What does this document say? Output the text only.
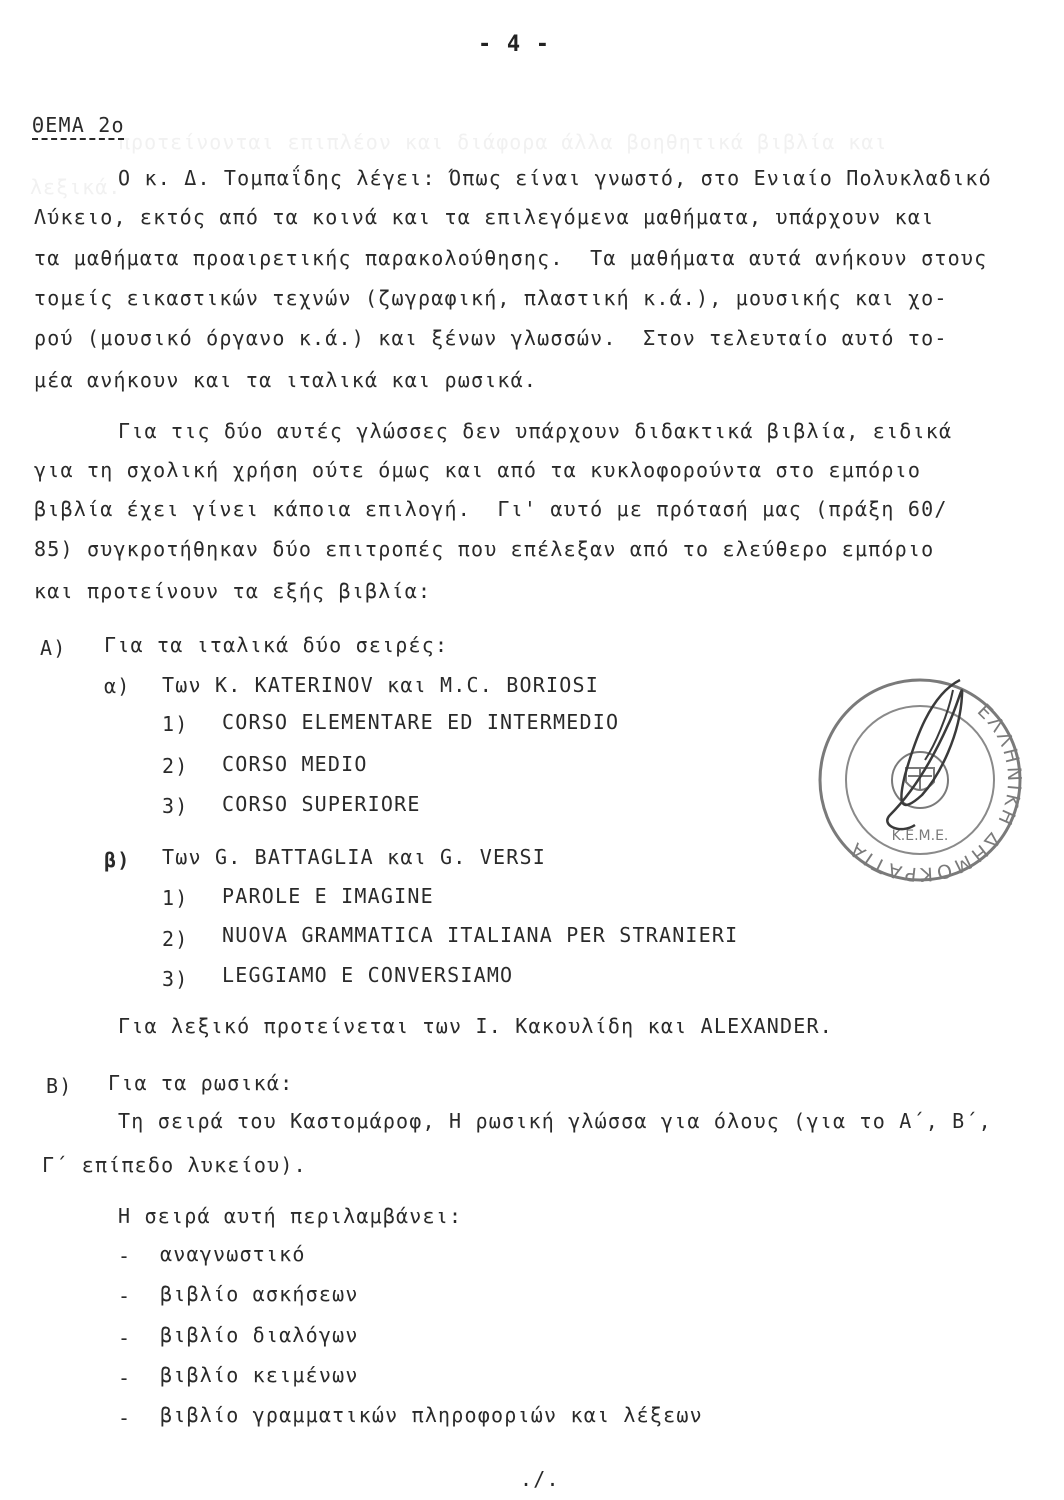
προτείνονται επιπλέον και διάφορα άλλα βοηθητικά βιβλία και
λεξικά.
- 4 -
ΘΕΜΑ 2ο
Ο κ. Δ. Τομπαΐδης λέγει: Όπως είναι γνωστό, στο Ενιαίο Πολυκλαδικό
Λύκειο, εκτός από τα κοινά και τα επιλεγόμενα μαθήματα, υπάρχουν και
τα μαθήματα προαιρετικής παρακολούθησης.  Τα μαθήματα αυτά ανήκουν στους
τομείς εικαστικών τεχνών (ζωγραφική, πλαστική κ.ά.), μουσικής και χο-
ρού (μουσικό όργανο κ.ά.) και ξένων γλωσσών.  Στον τελευταίο αυτό το-
μέα ανήκουν και τα ιταλικά και ρωσικά.
Για τις δύο αυτές γλώσσες δεν υπάρχουν διδακτικά βιβλία, ειδικά
για τη σχολική χρήση ούτε όμως και από τα κυκλοφορούντα στο εμπόριο
βιβλία έχει γίνει κάποια επιλογή.  Γι' αυτό με πρότασή μας (πράξη 60/
85) συγκροτήθηκαν δύο επιτροπές που επέλεξαν από το ελεύθερο εμπόριο
και προτείνουν τα εξής βιβλία:
Α) Για τα ιταλικά δύο σειρές:
α) Των K. KATERINOV και M.C. BORIOSI
1) CORSO ELEMENTARE ED INTERMEDIO
2) CORSO MEDIO
3) CORSO SUPERIORE
β) Των G. BATTAGLIA και G. VERSI
1) PAROLE E IMAGINE
2) NUOVA GRAMMATICA ITALIANA PER STRANIERI
3) LEGGIAMO E CONVERSIAMO
Για λεξικό προτείνεται των Ι. Κακουλίδη και ALEXANDER.
Β) Για τα ρωσικά:
Τη σειρά του Καστομάροφ, Η ρωσική γλώσσα για όλους (για το Α΄, Β΄,
Γ΄ επίπεδο λυκείου).
Η σειρά αυτή περιλαμβάνει:
- αναγνωστικό
- βιβλίο ασκήσεων
- βιβλίο διαλόγων
- βιβλίο κειμένων
- βιβλίο γραμματικών πληροφοριών και λέξεων
./.
ΕΛΛΗΝΙΚΗ ΔΗΜΟΚΡΑΤΙΑ
Κ.Ε.Μ.Ε.
